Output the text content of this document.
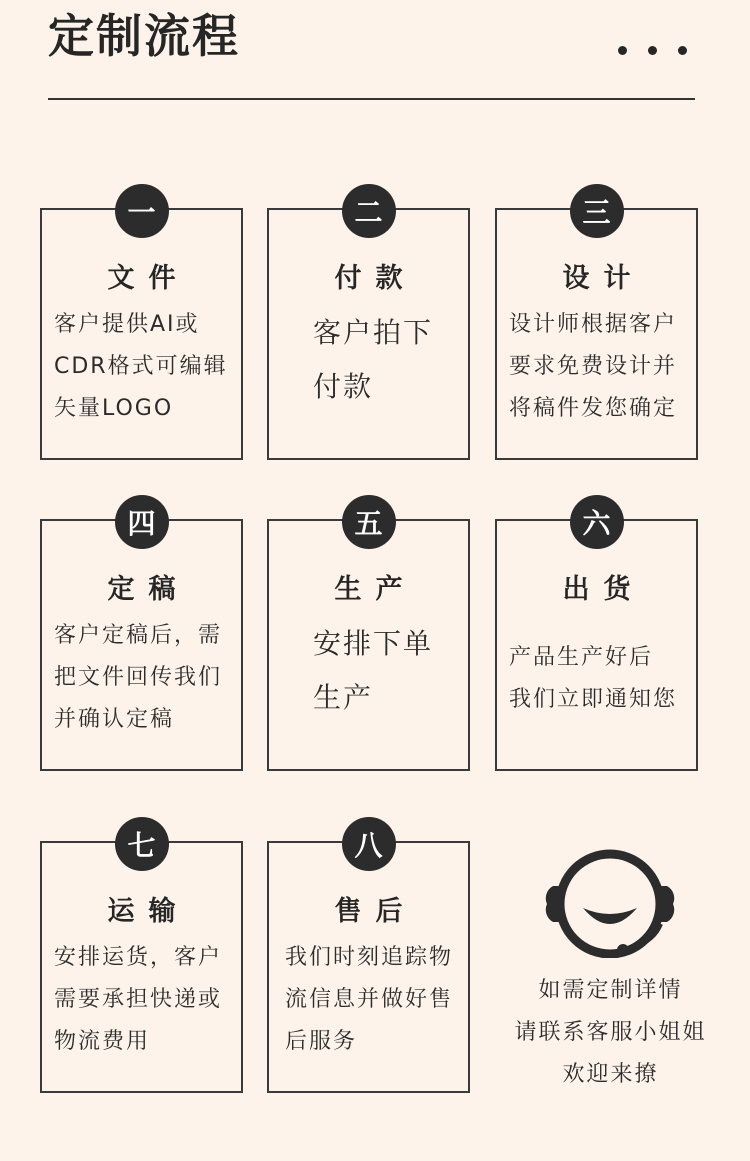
定制流程
一
文件
客户提供AI或
CDR格式可编辑
矢量LOGO
二
付款
客户拍下
付款
三
设计
设计师根据客户
要求免费设计并
将稿件发您确定
四
定稿
客户定稿后，需
把文件回传我们
并确认定稿
五
生产
安排下单
生产
六
出货
产品生产好后
我们立即通知您
七
运输
安排运货，客户
需要承担快递或
物流费用
八
售后
我们时刻追踪物
流信息并做好售
后服务
如需定制详情
请联系客服小姐姐
欢迎来撩
